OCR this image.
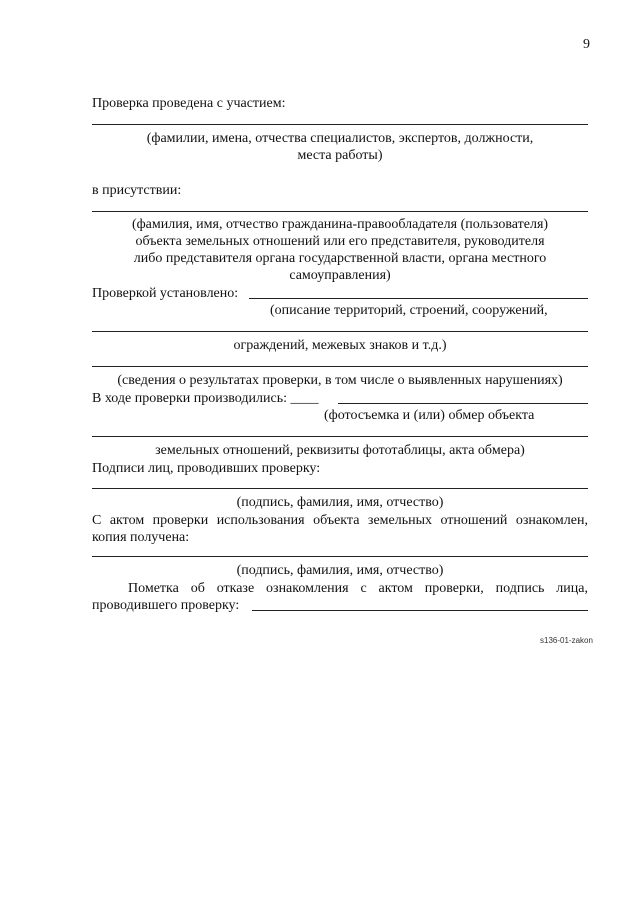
9
Проверка проведена с участием:
(фамилии, имена, отчества специалистов, экспертов, должности,
места работы)
в присутствии:
(фамилия, имя, отчество гражданина-правообладателя (пользователя)
объекта земельных отношений или его представителя, руководителя
либо представителя органа государственной власти, органа местного
самоуправления)
Проверкой установлено:
(описание территорий, строений, сооружений,
ограждений, межевых знаков и т.д.)
(сведения о результатах проверки, в том числе о выявленных нарушениях)
В ходе проверки производились: ____
(фотосъемка и (или) обмер объекта
земельных отношений, реквизиты фототаблицы, акта обмера)
Подписи лиц, проводивших проверку:
(подпись, фамилия, имя, отчество)
С актом проверки использования объекта земельных отношений ознакомлен,
копия получена:
(подпись, фамилия, имя, отчество)
Пометка об отказе ознакомления с актом проверки, подпись лица,
проводившего проверку:
s136-01-zakon
